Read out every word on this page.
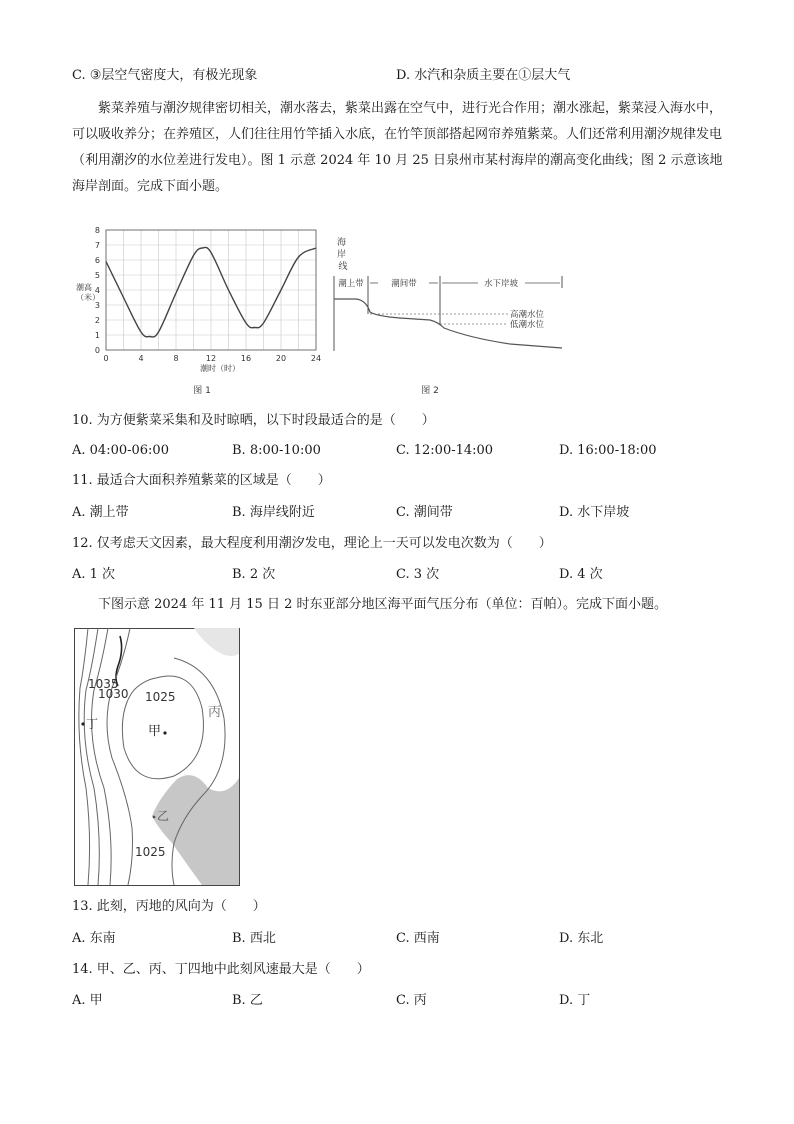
C. ③层空气密度大，有极光现象	D. 水汽和杂质主要在①层大气
紫菜养殖与潮汐规律密切相关，潮水落去，紫菜出露在空气中，进行光合作用；潮水涨起，紫菜浸入海水中，可以吸收养分；在养殖区，人们往往用竹竿插入水底，在竹竿顶部搭起网帘养殖紫菜。人们还常利用潮汐规律发电（利用潮汐的水位差进行发电）。图 1 示意 2024 年 10 月 25 日泉州市某村海岸的潮高变化曲线；图 2 示意该地海岸剖面。完成下面小题。
0
1
2
3
4
5
6
7
8
0	4	8	12	16	20	24
潮高 （米）
潮时（时）
图 1
海 岸 线
潮上带	潮间带	水下岸坡
高潮水位
低潮水位
图 2
10. 为方便紫菜采集和及时晾晒，以下时段最适合的是（　　）
A. 04:00-06:00	B. 8:00-10:00	C. 12:00-14:00	D. 16:00-18:00
11. 最适合大面积养殖紫菜的区域是（　　）
A. 潮上带	B. 海岸线附近	C. 潮间带	D. 水下岸坡
12. 仅考虑天文因素，最大程度利用潮汐发电，理论上一天可以发电次数为（　　）
A. 1 次	B. 2 次	C. 3 次	D. 4 次
下图示意 2024 年 11 月 15 日 2 时东亚部分地区海平面气压分布（单位：百帕）。完成下面小题。
1035
1030 1025
1025
甲
乙
丙
丁
13. 此刻，丙地的风向为（　　）
A. 东南	B. 西北	C. 西南	D. 东北
14. 甲、乙、丙、丁四地中此刻风速最大是（　　）
A. 甲	B. 乙	C. 丙	D. 丁
